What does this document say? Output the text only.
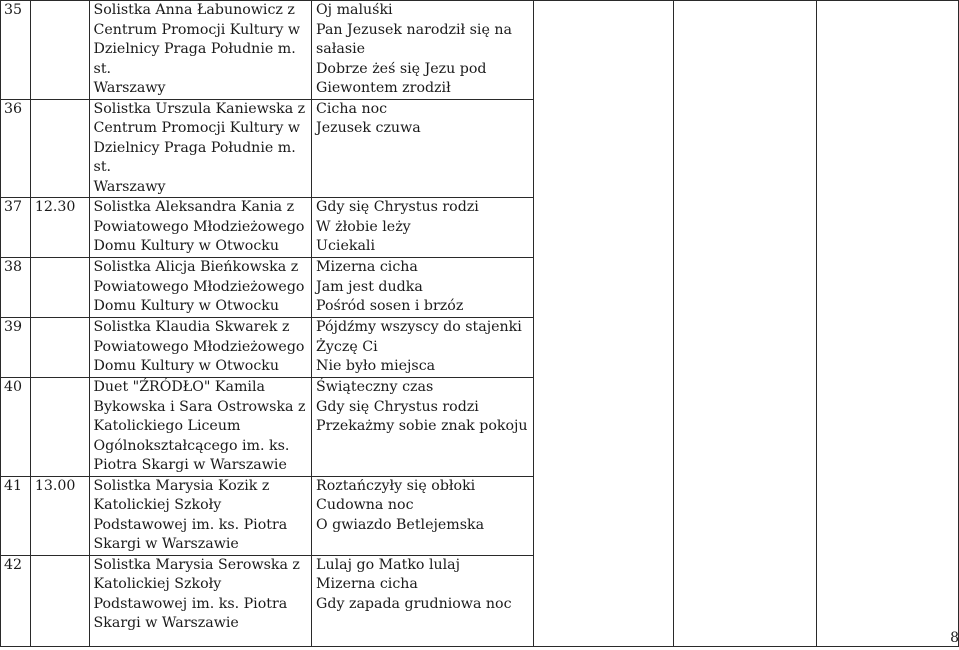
35		Solistka Anna Łabunowicz z
Centrum Promocji Kultury w
Dzielnicy Praga Południe m. st.
Warszawy	Oj maluśki
Pan Jezusek narodził się na
sałasie
Dobrze żeś się Jezu pod
Giewontem zrodził			
36		Solistka Urszula Kaniewska z
Centrum Promocji Kultury w
Dzielnicy Praga Południe m. st.
Warszawy	Cicha noc
Jezusek czuwa			
37	12.30	Solistka Aleksandra Kania z
Powiatowego Młodzieżowego
Domu Kultury w Otwocku	Gdy się Chrystus rodzi
W żłobie leży
Uciekali			
38		Solistka Alicja Bieńkowska z
Powiatowego Młodzieżowego
Domu Kultury w Otwocku	Mizerna cicha
Jam jest dudka
Pośród sosen i brzóz			
39		Solistka Klaudia Skwarek z
Powiatowego Młodzieżowego
Domu Kultury w Otwocku	Pójdźmy wszyscy do stajenki
Życzę Ci
Nie było miejsca			
40		Duet "ŹRÓDŁO" Kamila
Bykowska i Sara Ostrowska z
Katolickiego Liceum
Ogólnokształcącego im. ks.
Piotra Skargi w Warszawie	Świąteczny czas
Gdy się Chrystus rodzi
Przekażmy sobie znak pokoju			
41	13.00	Solistka Marysia Kozik z
Katolickiej Szkoły
Podstawowej im. ks. Piotra
Skargi w Warszawie	Roztańczyły się obłoki
Cudowna noc
O gwiazdo Betlejemska			
42		Solistka Marysia Serowska z
Katolickiej Szkoły
Podstawowej im. ks. Piotra
Skargi w Warszawie	Lulaj go Matko lulaj
Mizerna cicha
Gdy zapada grudniowa noc			
8
